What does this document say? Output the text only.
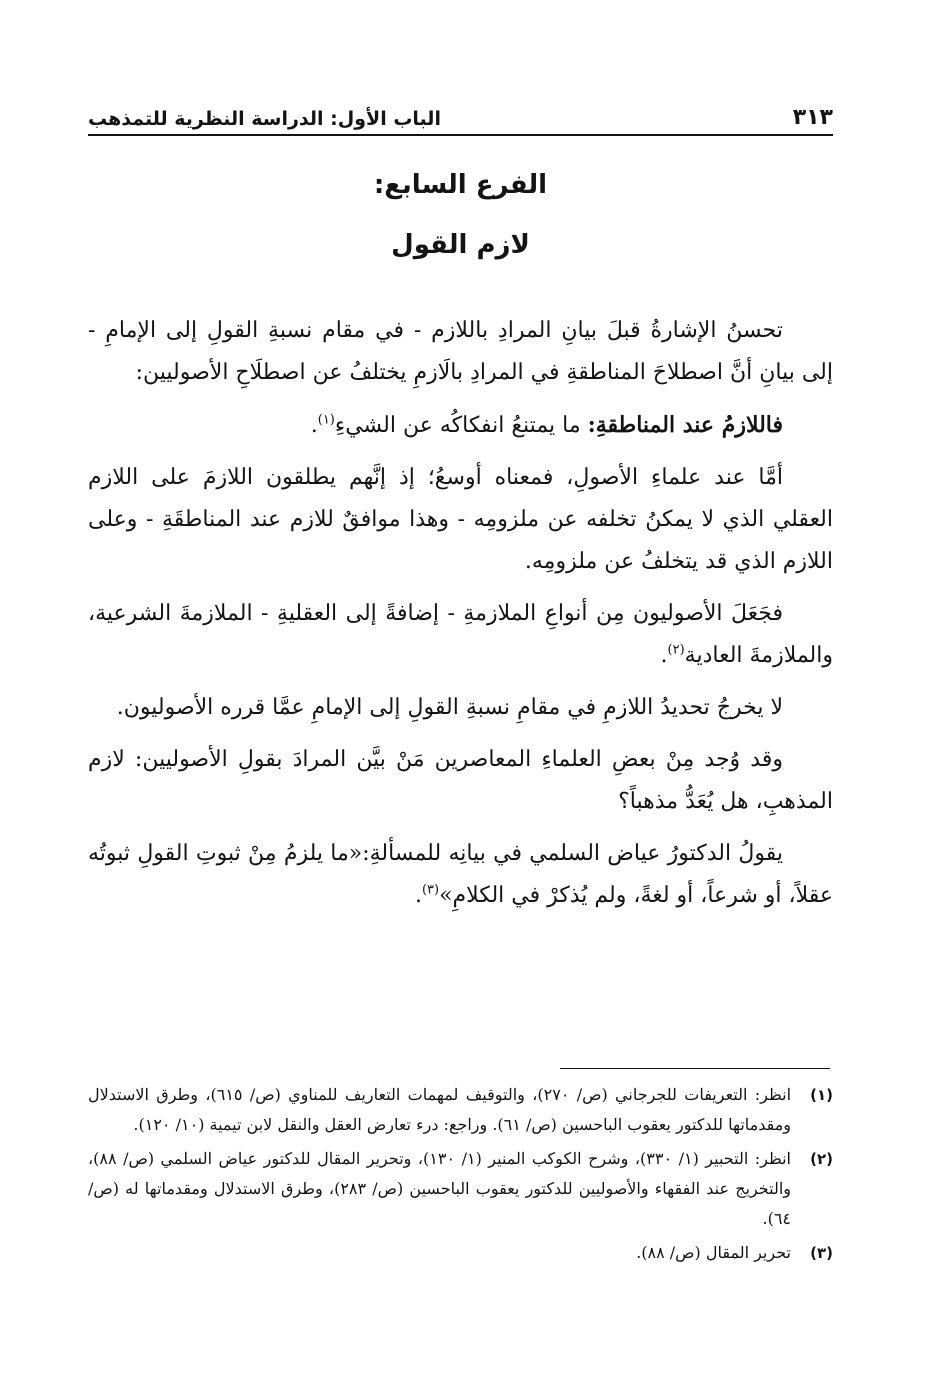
الباب الأول: الدراسة النظرية للتمذهب	٣١٣
الفرع السابع:
لازم القول

تحسنُ الإشارةُ قبلَ بيانِ المرادِ باللازم - في مقام نسبةِ القولِ إلى الإمامِ - إلى بيانِ أنَّ اصطلاحَ المناطقةِ في المرادِ بالَازمِ يختلفُ عن اصطلَاحِ الأصوليين:

فاللازمُ عند المناطقةِ: ما يمتنعُ انفكاكُه عن الشيءِ$^{(١)}$.

أمَّا عند علماءِ الأصولِ، فمعناه أوسعُ؛ إذ إنَّهم يطلقون اللازمَ على اللازم العقلي الذي لا يمكنُ تخلفه عن ملزومِه - وهذا موافقٌ للازم عند المناطقَةِ - وعلى اللازم الذي قد يتخلفُ عن ملزومِه.

فجَعَلَ الأصوليون مِن أنواعِ الملازمةِ - إضافةً إلى العقليةِ - الملازمةَ الشرعية، والملازمةَ العادية$^{(٢)}$.

لا يخرجُ تحديدُ اللازمِ في مقامِ نسبةِ القولِ إلى الإمامِ عمَّا قرره الأصوليون.

وقد وُجد مِنْ بعضِ العلماءِ المعاصرين مَنْ بيَّن المرادَ بقولِ الأصوليين: لازم المذهبِ، هل يُعَدُّ مذهباً؟

يقولُ الدكتورُ عياض السلمي في بيانِه للمسألةِ:«ما يلزمُ مِنْ ثبوتِ القولِ ثبوتُه عقلاً، أو شرعاً، أو لغةً، ولم يُذكرْ في الكلامِ»$^{(٣)}$.

(١)
انظر: التعريفات للجرجاني (ص/ ٢٧٠)، والتوقيف لمهمات التعاريف للمناوي (ص/ ٦١٥)، وطرق الاستدلال ومقدماتها للدكتور يعقوب الباحسين (ص/ ٦١). وراجع: درء تعارض العقل والنقل لابن تيمية (١٠/ ١٢٠).
(٢)
انظر: التحبير (١/ ٣٣٠)، وشرح الكوكب المنير (١/ ١٣٠)، وتحرير المقال للدكتور عياض السلمي (ص/ ٨٨)، والتخريج عند الفقهاء والأصوليين للدكتور يعقوب الباحسين (ص/ ٢٨٣)، وطرق الاستدلال ومقدماتها له (ص/ ٦٤).
(٣)
تحرير المقال (ص/ ٨٨).
